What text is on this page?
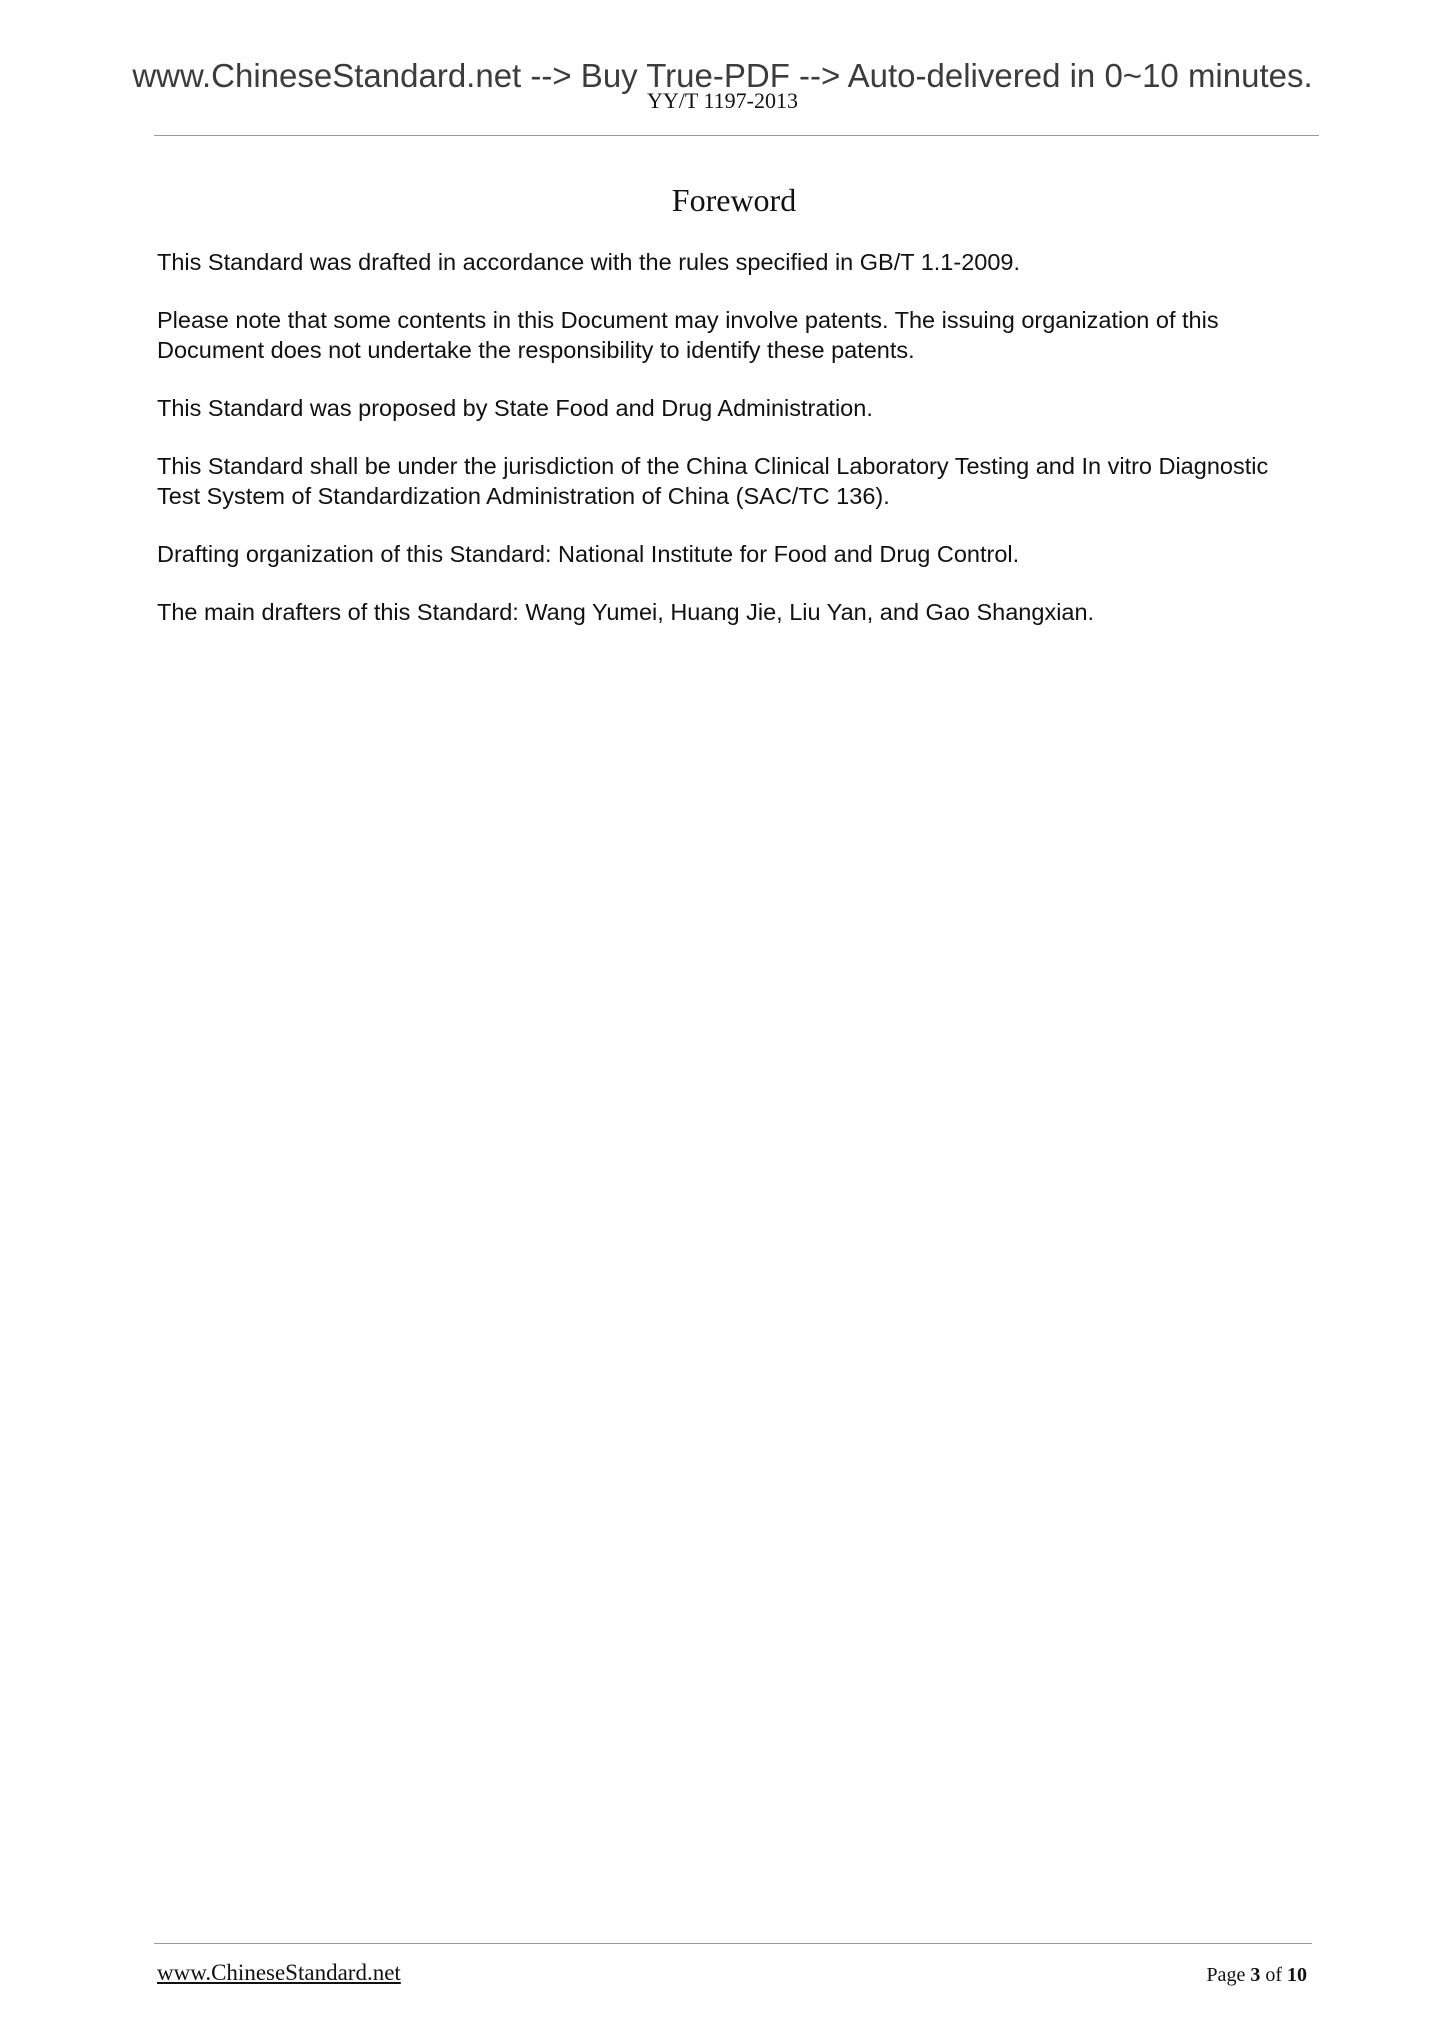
www.ChineseStandard.net --> Buy True-PDF --> Auto-delivered in 0~10 minutes.
YY/T 1197-2013
Foreword

This Standard was drafted in accordance with the rules specified in GB/T 1.1-2009.

Please note that some contents in this Document may involve patents. The issuing organization of this Document does not undertake the responsibility to identify these patents.

This Standard was proposed by State Food and Drug Administration.

This Standard shall be under the jurisdiction of the China Clinical Laboratory Testing and In vitro Diagnostic Test System of Standardization Administration of China (SAC/TC 136).

Drafting organization of this Standard: National Institute for Food and Drug Control.

The main drafters of this Standard: Wang Yumei, Huang Jie, Liu Yan, and Gao Shangxian.

www.ChineseStandard.net	Page 3 of 10
